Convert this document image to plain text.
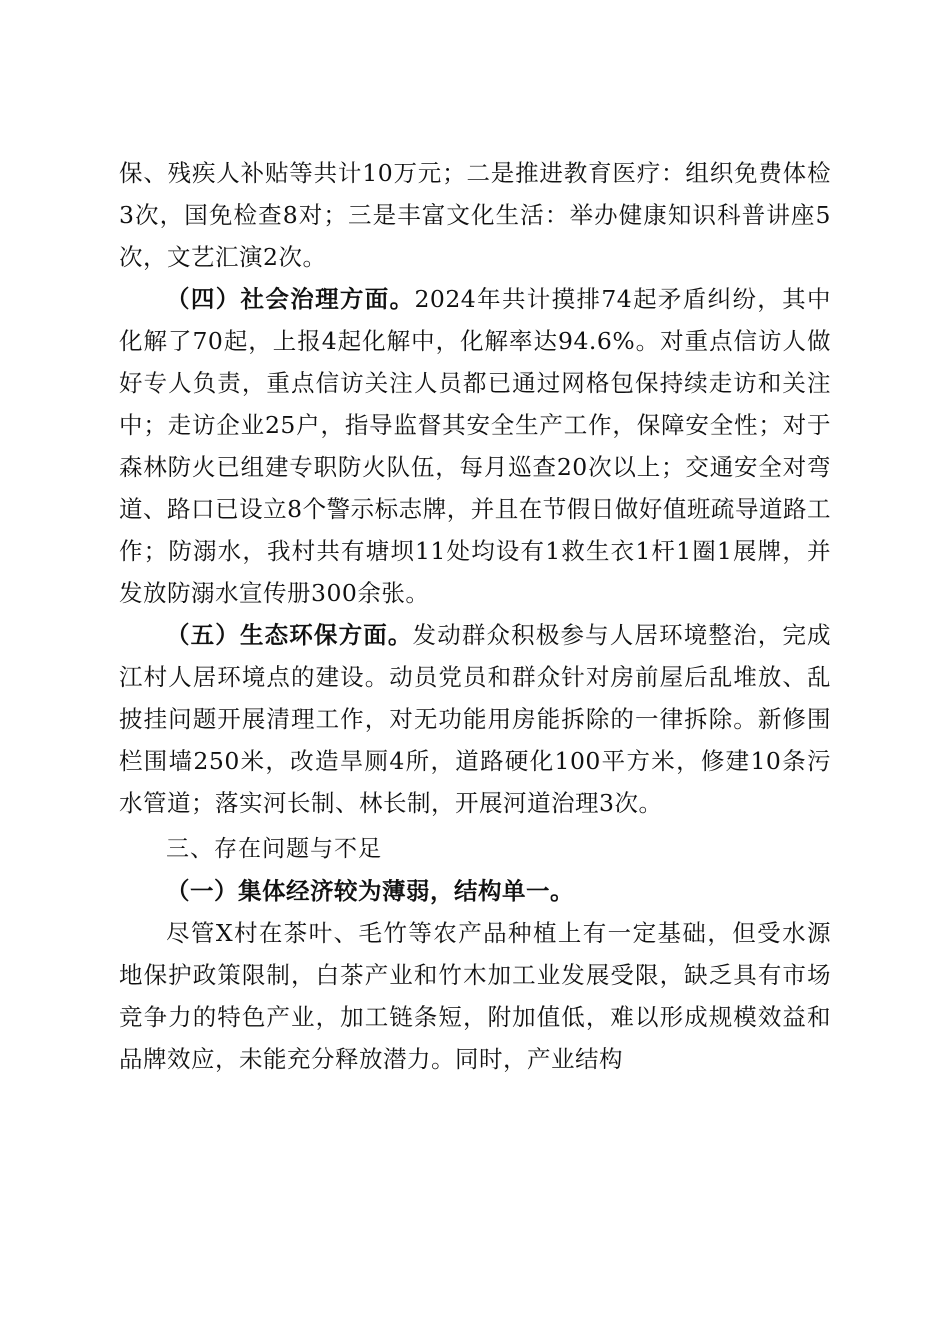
保、残疾人补贴等共计10万元；二是推进教育医疗：组织免费体检3次，国免检查8对；三是丰富文化生活：举办健康知识科普讲座5次，文艺汇演2次。

（四）社会治理方面。2024年共计摸排74起矛盾纠纷，其中化解了70起，上报4起化解中，化解率达94.6%。对重点信访人做好专人负责，重点信访关注人员都已通过网格包保持续走访和关注中；走访企业25户，指导监督其安全生产工作，保障安全性；对于森林防火已组建专职防火队伍，每月巡查20次以上；交通安全对弯道、路口已设立8个警示标志牌，并且在节假日做好值班疏导道路工作；防溺水，我村共有塘坝11处均设有1救生衣1杆1圈1展牌，并发放防溺水宣传册300余张。

（五）生态环保方面。发动群众积极参与人居环境整治，完成江村人居环境点的建设。动员党员和群众针对房前屋后乱堆放、乱披挂问题开展清理工作，对无功能用房能拆除的一律拆除。新修围栏围墙250米，改造旱厕4所，道路硬化100平方米，修建10条污水管道；落实河长制、林长制，开展河道治理3次。

三、存在问题与不足

（一）集体经济较为薄弱，结构单一。

尽管X村在茶叶、毛竹等农产品种植上有一定基础，但受水源地保护政策限制，白茶产业和竹木加工业发展受限，缺乏具有市场竞争力的特色产业，加工链条短，附加值低，难以形成规模效益和品牌效应，未能充分释放潜力。同时，产业结构
